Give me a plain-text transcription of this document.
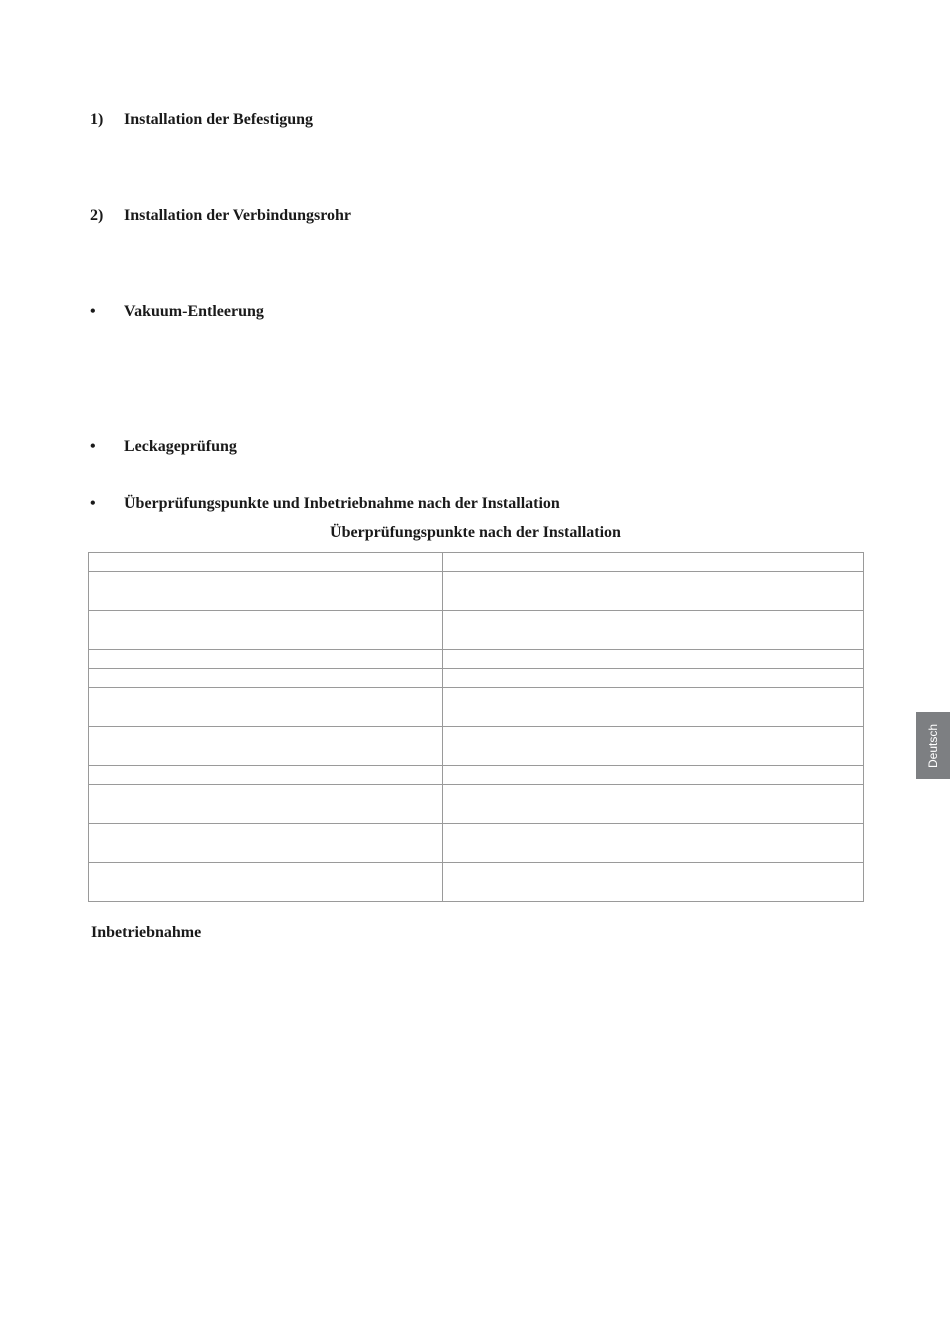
1) Installation der Befestigung
2) Installation der Verbindungsrohr
• Vakuum-Entleerung
• Leckageprüfung
• Überprüfungspunkte und Inbetriebnahme nach der Installation
Überprüfungspunkte nach der Installation

Inbetriebnahme
Deutsch
